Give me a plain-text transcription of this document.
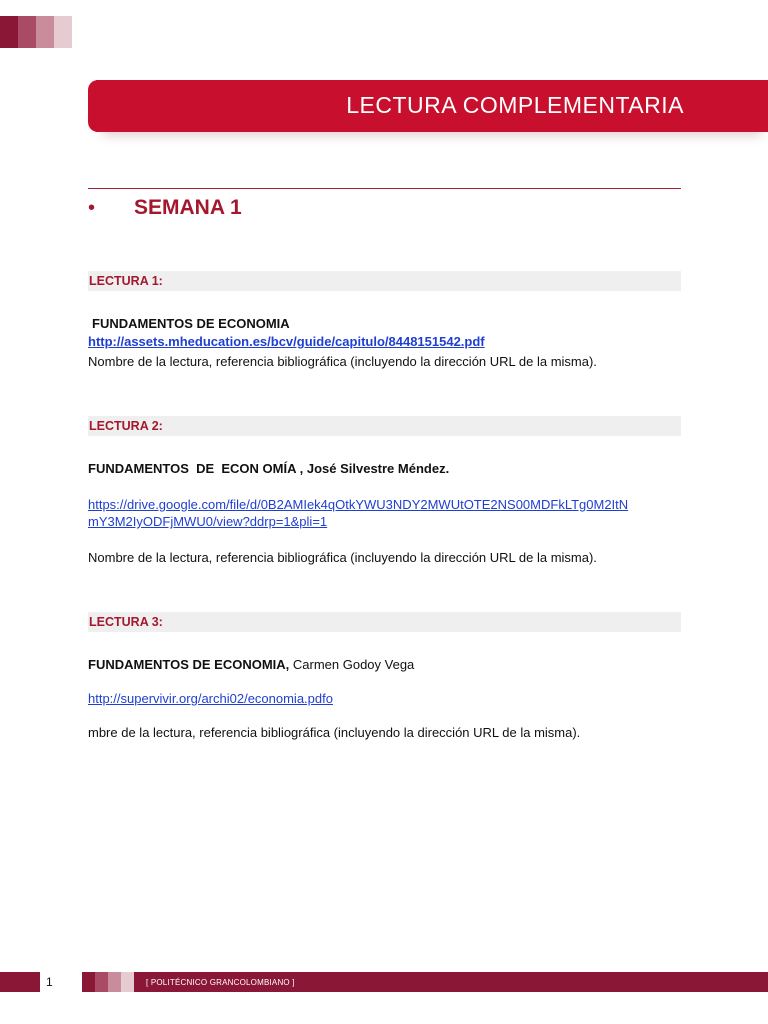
LECTURA COMPLEMENTARIA
•	SEMANA 1
LECTURA 1:
FUNDAMENTOS DE ECONOMIA
http://assets.mheducation.es/bcv/guide/capitulo/8448151542.pdf
Nombre de la lectura, referencia bibliográfica (incluyendo la dirección URL de la misma).
LECTURA 2:
FUNDAMENTOS  DE  ECON OMÍA , José Silvestre Méndez.
https://drive.google.com/file/d/0B2AMIek4qOtkYWU3NDY2MWUtOTE2NS00MDFkLTg0M2ItN
mY3M2IyODFjMWU0/view?ddrp=1&pli=1
Nombre de la lectura, referencia bibliográfica (incluyendo la dirección URL de la misma).
LECTURA 3:
FUNDAMENTOS DE ECONOMIA, Carmen Godoy Vega
http://supervivir.org/archi02/economia.pdfo
mbre de la lectura, referencia bibliográfica (incluyendo la dirección URL de la misma).
1	[ POLITÉCNICO GRANCOLOMBIANO ]
